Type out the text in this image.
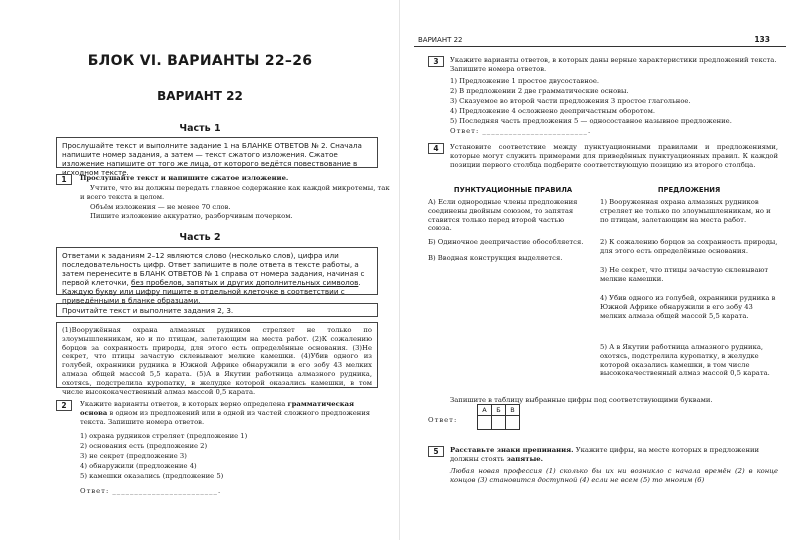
БЛОК VI. ВАРИАНТЫ 22–26
ВАРИАНТ 22
Часть 1
Прослушайте текст и выполните задание 1 на БЛАНКЕ ОТВЕТОВ № 2. Сначала напишите номер задания, а затем — текст сжатого изложения. Сжатое изложение напишите от того же лица, от которого ведётся повествование в исходном тексте.
1	Прослушайте текст и напишите сжатое изложение.
Учтите, что вы должны передать главное содержание как каждой микротемы, так
и всего текста в целом.
Объём изложения — не менее 70 слов.
Пишите изложение аккуратно, разборчивым почерком.
Часть 2
Ответами к заданиям 2–12 являются слово (несколько слов), цифра или последовательность цифр. Ответ запишите в поле ответа в тексте работы, а затем перенесите в БЛАНК ОТВЕТОВ № 1 справа от номера задания, начиная с первой клеточки, без пробелов, запятых и других дополнительных символов. Каждую букву или цифру пишите в отдельной клеточке в соответствии с приведёнными в бланке образцами.
Прочитайте текст и выполните задания 2, 3.
(1)Вооружённая охрана алмазных рудников стреляет не только по злоумышленникам, но и по птицам, залетающим на места работ. (2)К сожалению борцов за сохранность природы, для этого есть определённые основания. (3)Не секрет, что птицы зачастую склевывают мелкие камешки. (4)Убив одного из голубей, охранники рудника в Южной Африке обнаружили в его зобу 43 мелких алмаза общей массой 5,5 карата. (5)А в Якутии работница алмазного рудника, охотясь, подстрелила куропатку, в желудке которой оказались камешки, в том числе высококачественный алмаз массой 0,5 карата.
2	Укажите варианты ответов, в которых верно определена грамматическая основа в одном из предложений или в одной из частей сложного предложения текста. Запишите номера ответов.
1) охрана рудников стреляет (предложение 1)
2) основания есть (предложение 2)
3) не секрет (предложение 3)
4) обнаружили (предложение 4)
5) камешки оказались (предложение 5)
Ответ: ________________________.
ВАРИАНТ 22	133
3	Укажите варианты ответов, в которых даны верные характеристики предложений текста. Запишите номера ответов.
1) Предложение 1 простое двусоставное.
2) В предложении 2 две грамматические основы.
3) Сказуемое во второй части предложения 3 простое глагольное.
4) Предложение 4 осложнено деепричастным оборотом.
5) Последняя часть предложения 5 — односоставное назывное предложение.
Ответ: ________________________.
4	Установите соответствие между пунктуационными правилами и предложениями, которые могут служить примерами для приведённых пунктуационных правил. К каждой позиции первого столбца подберите соответствующую позицию из второго столбца.
ПУНКТУАЦИОННЫЕ ПРАВИЛА	ПРЕДЛОЖЕНИЯ
А) Если однородные члены предложения соединены двойным союзом, то запятая ставится только перед второй частью союза.
Б) Одиночное деепричастие обособляется.
В) Вводная конструкция выделяется.
1) Вооруженная охрана алмазных рудников стреляет не только по злоумышленникам, но и по птицам, залетающим на места работ.
2) К сожалению борцов за сохранность природы, для этого есть определённые основания.
3) Не секрет, что птицы зачастую склевывают мелкие камешки.
4) Убив одного из голубей, охранники рудника в Южной Африке обнаружили в его зобу 43 мелких алмаза общей массой 5,5 карата.
5) А в Якутии работница алмазного рудника, охотясь, подстрелила куропатку, в желудке которой оказались камешки, в том числе высококачественный алмаз массой 0,5 карата.
Запишите в таблицу выбранные цифры под соответствующими буквами.
Ответ:
А	Б	В

5	Расставьте знаки препинания. Укажите цифры, на месте которых в предложении должны стоять запятые.
Любая новая профессия (1) сколько бы их ни возникло с начала времён (2) в конце концов (3) становится доступной (4) если не всем (5) то многим (6)
